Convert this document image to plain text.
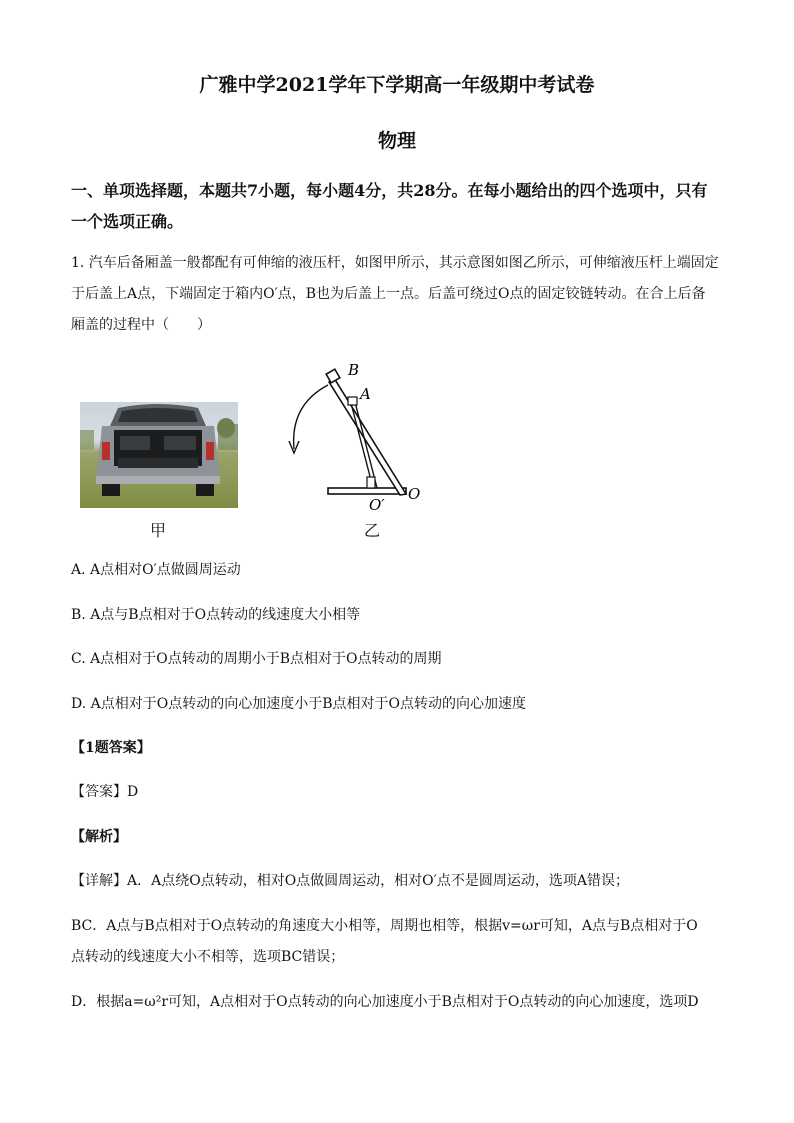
广雅中学2021学年下学期高一年级期中考试卷
物理
一、单项选择题，本题共7小题，每小题4分，共28分。在每小题给出的四个选项中，只有
一个选项正确。
1. 汽车后备厢盖一般都配有可伸缩的液压杆，如图甲所示，其示意图如图乙所示，可伸缩液压杆上端固定
于后盖上A点，下端固定于箱内O′点，B也为后盖上一点。后盖可绕过O点的固定铰链转动。在合上后备
厢盖的过程中（　　）
甲
B
A
O
O′
乙
A. A点相对O′点做圆周运动
B. A点与B点相对于O点转动的线速度大小相等
C. A点相对于O点转动的周期小于B点相对于O点转动的周期
D. A点相对于O点转动的向心加速度小于B点相对于O点转动的向心加速度
【1题答案】
【答案】D
【解析】
【详解】A．A点绕O点转动，相对O点做圆周运动，相对O′点不是圆周运动，选项A错误；
BC．A点与B点相对于O点转动的角速度大小相等，周期也相等，根据v=ωr可知，A点与B点相对于O
点转动的线速度大小不相等，选项BC错误；
D．根据a=ω²r可知，A点相对于O点转动的向心加速度小于B点相对于O点转动的向心加速度，选项D
